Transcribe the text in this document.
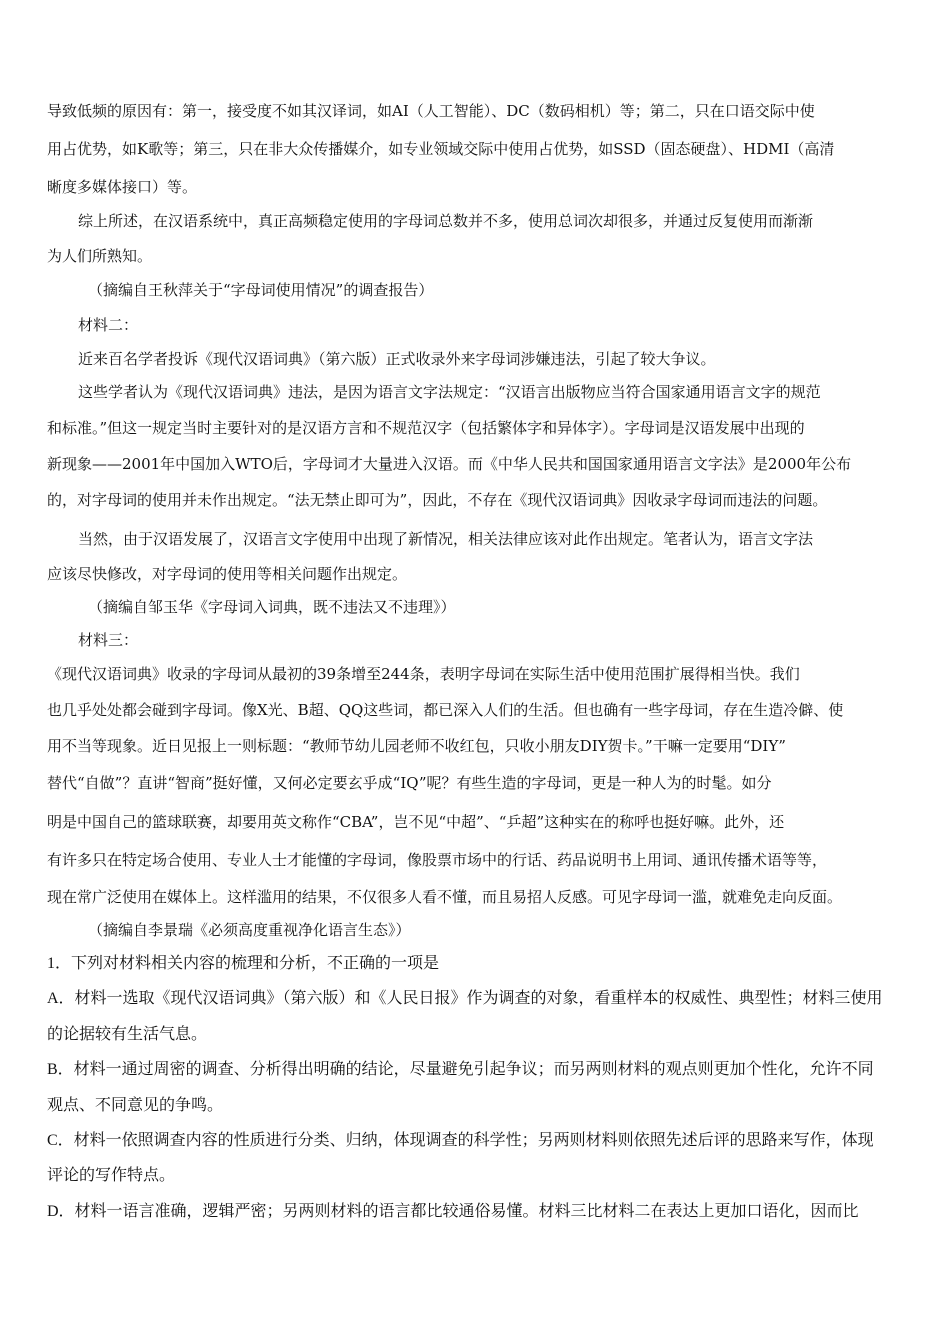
导致低频的原因有：第一，接受度不如其汉译词，如AI（人工智能）、DC（数码相机）等；第二，只在口语交际中使
用占优势，如K歌等；第三，只在非大众传播媒介，如专业领域交际中使用占优势，如SSD（固态硬盘）、HDMI（高清
晰度多媒体接口）等。
综上所述，在汉语系统中，真正高频稳定使用的字母词总数并不多，使用总词次却很多，并通过反复使用而渐渐
为人们所熟知。
（摘编自王秋萍关于“字母词使用情况”的调查报告）
材料二：
近来百名学者投诉《现代汉语词典》（第六版）正式收录外来字母词涉嫌违法，引起了较大争议。
这些学者认为《现代汉语词典》违法，是因为语言文字法规定：“汉语言出版物应当符合国家通用语言文字的规范
和标准。”但这一规定当时主要针对的是汉语方言和不规范汉字（包括繁体字和异体字）。字母词是汉语发展中出现的
新现象——2001年中国加入WTO后，字母词才大量进入汉语。而《中华人民共和国国家通用语言文字法》是2000年公布
的，对字母词的使用并未作出规定。“法无禁止即可为”，因此，不存在《现代汉语词典》因收录字母词而违法的问题。
当然，由于汉语发展了，汉语言文字使用中出现了新情况，相关法律应该对此作出规定。笔者认为，语言文字法
应该尽快修改，对字母词的使用等相关问题作出规定。
（摘编自邹玉华《字母词入词典，既不违法又不违理》）
材料三：
《现代汉语词典》收录的字母词从最初的39条增至244条，表明字母词在实际生活中使用范围扩展得相当快。我们
也几乎处处都会碰到字母词。像X光、B超、QQ这些词，都已深入人们的生活。但也确有一些字母词，存在生造冷僻、使
用不当等现象。近日见报上一则标题：“教师节幼儿园老师不收红包，只收小朋友DIY贺卡。”干嘛一定要用“DIY”
替代“自做”？直讲“智商”挺好懂，又何必定要玄乎成“IQ”呢？有些生造的字母词，更是一种人为的时髦。如分
明是中国自己的篮球联赛，却要用英文称作“CBA”，岂不见“中超”、“乒超”这种实在的称呼也挺好嘛。此外，还
有许多只在特定场合使用、专业人士才能懂的字母词，像股票市场中的行话、药品说明书上用词、通讯传播术语等等，
现在常广泛使用在媒体上。这样滥用的结果，不仅很多人看不懂，而且易招人反感。可见字母词一滥，就难免走向反面。
（摘编自李景瑞《必须高度重视净化语言生态》）
1．下列对材料相关内容的梳理和分析，不正确的一项是
A．材料一选取《现代汉语词典》（第六版）和《人民日报》作为调查的对象，看重样本的权威性、典型性；材料三使用
的论据较有生活气息。
B．材料一通过周密的调查、分析得出明确的结论，尽量避免引起争议；而另两则材料的观点则更加个性化，允许不同
观点、不同意见的争鸣。
C．材料一依照调查内容的性质进行分类、归纳，体现调查的科学性；另两则材料则依照先述后评的思路来写作，体现
评论的写作特点。
D．材料一语言准确，逻辑严密；另两则材料的语言都比较通俗易懂。材料三比材料二在表达上更加口语化，因而比
